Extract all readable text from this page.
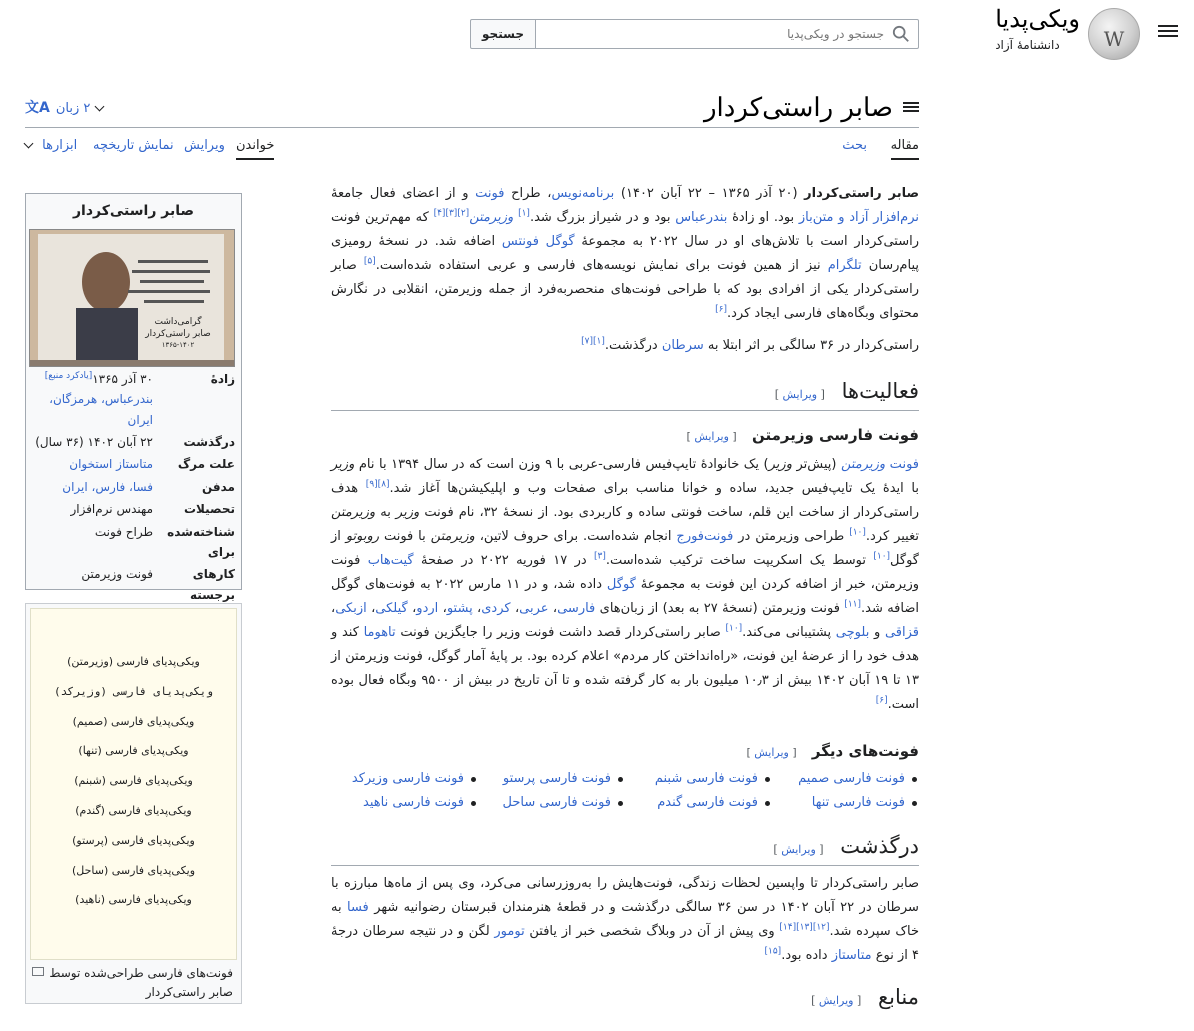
W
ویکی‌پدیا
دانشنامهٔ آزاد
جستجو در ویکی‌پدیا
جستجو
صابر راستی‌کردار
۲ زبان
文A
مقاله
بحث
خواندن
ویرایش
نمایش تاریخچه
ابزارها
صابر راستی‌کردار
گرامی‌داشت
صابر راستی‌کردار
۱۳۶۵-۱۴۰۲
زادهٔ
۳۰ آذر ۱۳۶۵[یادکرد منبع]
بندرعباس، هرمزگان، ایران
درگذشت
۲۲ آبان ۱۴۰۲ (۳۶ سال)
علت مرگ
متاستاز استخوان
مدفن
فسا، فارس، ایران
تحصیلات
مهندس نرم‌افزار
شناخته‌شده برای
طراح فونت
کارهای برجسته
فونت وزیرمتن
ویکی‌پدیای فارسی (وزیرمتن)
ویکی‌پدیای فارسی (وزیرکد)
ویکی‌پدیای فارسی (صمیم)
ویکی‌پدیای فارسی (تنها)
ویکی‌پدیای فارسی (شبنم)
ویکی‌پدیای فارسی (گندم)
ویکی‌پدیای فارسی (پرستو)
ویکی‌پدیای فارسی (ساحل)
ویکی‌پدیای فارسی (ناهید)
فونت‌های فارسی طراحی‌شده توسط صابر راستی‌کردار

صابر راستی‌کردار (۲۰ آذر ۱۳۶۵ – ۲۲ آبان ۱۴۰۲) برنامه‌نویس، طراح فونت و از اعضای فعال جامعهٔ نرم‌افزار آزاد و متن‌باز بود. او زادهٔ بندرعباس بود و در شیراز بزرگ شد.[۱] وزیرمتن[۲][۳][۴] که مهم‌ترین فونت راستی‌کردار است با تلاش‌های او در سال ۲۰۲۲ به مجموعهٔ گوگل فونتس اضافه شد. در نسخهٔ رومیزی پیام‌رسان تلگرام نیز از همین فونت برای نمایش نویسه‌های فارسی و عربی استفاده شده‌است.[۵] صابر راستی‌کردار یکی از افرادی بود که با طراحی فونت‌های منحصربه‌فرد از جمله وزیرمتن، انقلابی در نگارش محتوای وبگاه‌های فارسی ایجاد کرد.[۶]

راستی‌کردار در ۳۶ سالگی بر اثر ابتلا به سرطان درگذشت.[۱][۷]

فعالیت‌ها [ ویرایش ]
فونت فارسی وزیرمتن [ ویرایش ]

فونت وزیرمتن (پیش‌تر وزیر) یک خانوادهٔ تایپ‌فیس فارسی-عربی با ۹ وزن است که در سال ۱۳۹۴ با نام وزیر با ایدهٔ یک تایپ‌فیس جدید، ساده و خوانا مناسب برای صفحات وب و اپلیکیشن‌ها آغاز شد.[۸][۹] هدف راستی‌کردار از ساخت این قلم، ساخت فونتی ساده و کاربردی بود. از نسخهٔ ۳۲، نام فونت وزیر به وزیرمتن تغییر کرد.[۱۰] طراحی وزیرمتن در فونت‌فورج انجام شده‌است. برای حروف لاتین، وزیرمتن با فونت روبوتو از گوگل[۱۰] توسط یک اسکریپت ساخت ترکیب شده‌است.[۳] در ۱۷ فوریه ۲۰۲۲ در صفحهٔ گیت‌هاب فونت وزیرمتن، خبر از اضافه کردن این فونت به مجموعهٔ گوگل داده شد، و در ۱۱ مارس ۲۰۲۲ به فونت‌های گوگل اضافه شد.[۱۱] فونت وزیرمتن (نسخهٔ ۲۷ به بعد) از زبان‌های فارسی، عربی، کردی، پشتو، اردو، گیلکی، ازبکی، قزاقی و بلوچی پشتیبانی می‌کند.[۱۰] صابر راستی‌کردار قصد داشت فونت وزیر را جایگزین فونت تاهوما کند و هدف خود را از عرضهٔ این فونت، «راه‌انداختن کار مردم» اعلام کرده بود. بر پایهٔ آمار گوگل، فونت وزیرمتن از ۱۳ تا ۱۹ آبان ۱۴۰۲ بیش از ۱۰٫۳ میلیون بار به کار گرفته شده و تا آن تاریخ در بیش از ۹۵۰۰ وبگاه فعال بوده است.[۶]

فونت‌های دیگر [ ویرایش ]
فونت فارسی صمیم
فونت فارسی تنها
فونت فارسی شبنم
فونت فارسی گندم
فونت فارسی پرستو
فونت فارسی ساحل
فونت فارسی وزیرکد
فونت فارسی ناهید
درگذشت [ ویرایش ]

صابر راستی‌کردار تا واپسین لحظات زندگی، فونت‌هایش را به‌روزرسانی می‌کرد، وی پس از ماه‌ها مبارزه با سرطان در ۲۲ آبان ۱۴۰۲ در سن ۳۶ سالگی درگذشت و در قطعهٔ هنرمندان قبرستان رضوانیه شهر فسا به خاک سپرده شد.[۱۲][۱۳][۱۴] وی پیش از آن در وبلاگ شخصی خبر از یافتن تومور لگن و در نتیجه سرطان درجهٔ ۴ از نوع متاستاز داده بود.[۱۵]

منابع [ ویرایش ]
